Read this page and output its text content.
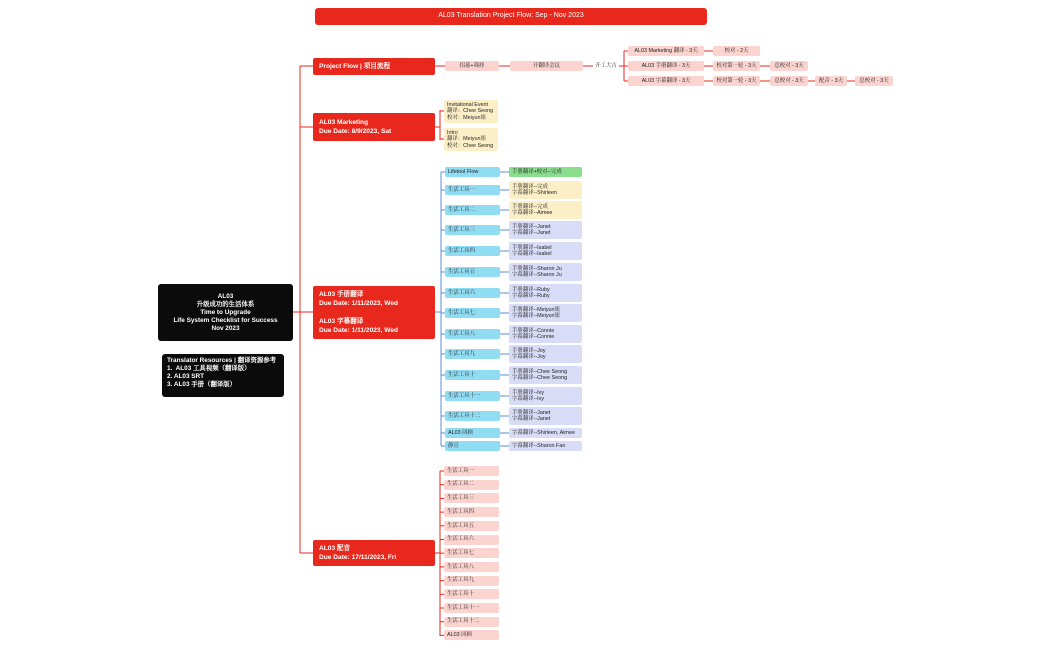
AL03 Translation Project Flow: Sep - Nov 2023
AL03
升级成功的生活体系
Time to Upgrade
Life System Checklist for Success
Nov 2023
Translator Resources | 翻译资源参考
1.  AL03 工具视频（翻译版）
2. AL03 SRT
3. AL03 手册（翻译版）
Project Flow | 项目流程
AL03 Marketing
Due Date: 8/9/2023, Sat
AL03 手册翻译
Due Date: 1/11/2023, Wed

AL03 字幕翻译
Due Date: 1/11/2023, Wed
AL03 配音
Due Date: 17/11/2023, Fri
招募+筛择	开翻译会议	开工大吉
AL03 Marketing 翻译 - 3天	校对 - 2天
AL03 手册翻译 - 3天	校对第一轮 - 3天	总校对 - 3天
AL03 字幕翻译 - 3天	校对第一轮 - 3天	总校对 - 3天	配音 - 3天	总校对 - 3天
Invitational Event
翻译：Chee Seong
校对：Meiyun姐
Intro
翻译：Meiyun姐
校对：Chee Seong
Lifetool Flow	手册翻译+校对--完成
生活工具一
手册翻译--完成
字幕翻译--Shirleen
生活工具二
手册翻译--完成
字幕翻译--Aimee
生活工具三
手册翻译--Janet
字幕翻译--Janet
生活工具四
手册翻译--Isabel
字幕翻译--Isabel
生活工具五
手册翻译--Sharon Ju
字幕翻译--Sharon Ju
生活工具六
手册翻译--Ruby
字幕翻译--Ruby
生活工具七
手册翻译--Meiyun姐
字幕翻译--Meiyun姐
生活工具八
手册翻译--Connie
字幕翻译--Connie
生活工具九
手册翻译--Joy
字幕翻译--Joy
生活工具十
手册翻译--Chee Seong
字幕翻译--Chee Seong
生活工具十一
手册翻译--Ivy
字幕翻译--Ivy
生活工具十二
手册翻译--Janet
字幕翻译--Janet
AL03 回顾	字幕翻译--Shirleen, Aimee
静宣	字幕翻译--Sharon Fan
生活工具一
生活工具二
生活工具三
生活工具四
生活工具五
生活工具六
生活工具七
生活工具八
生活工具九
生活工具十
生活工具十一
生活工具十二
AL03 回顾
